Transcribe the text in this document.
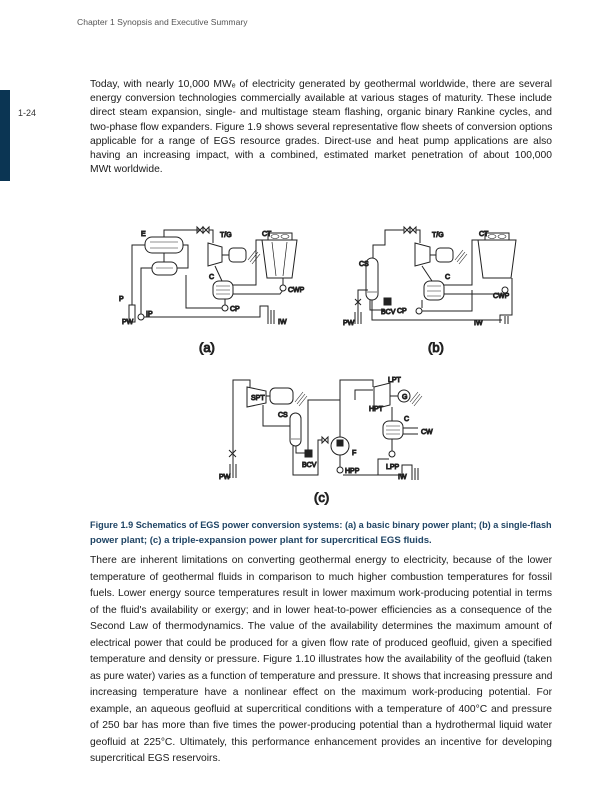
Chapter 1 Synopsis and Executive Summary
1-24
Today, with nearly 10,000 MWₑ of electricity generated by geothermal worldwide, there are several
energy conversion technologies commercially available at various stages of maturity. These include
direct steam expansion, single- and multistage steam flashing, organic binary Rankine cycles, and
two-phase flow expanders. Figure 1.9 shows several representative flow sheets of conversion options
applicable for a range of EGS resource grades. Direct-use and heat pump applications are also
having an increasing impact, with a combined, estimated market penetration of about 100,000
MWt worldwide.
E	T/G	CT
C
CWP
CP
IP
P
PW	IW
(a)
CS
T/G	CT
C
CWP
CP
BCV
PW	IW
(b)
SPT
CS
BCV
F
HPP
LPT
HPT
G
C
CW
LPP
PW	IW
(c)
Figure 1.9 Schematics of EGS power conversion systems: (a) a basic binary power plant; (b) a single-flash
power plant; (c) a triple-expansion power plant for supercritical EGS fluids.
There are inherent limitations on converting geothermal energy to electricity, because of the lower
temperature of geothermal fluids in comparison to much higher combustion temperatures for fossil
fuels. Lower energy source temperatures result in lower maximum work-producing potential in terms
of the fluid's availability or exergy; and in lower heat-to-power efficiencies as a consequence of the
Second Law of thermodynamics. The value of the availability determines the maximum amount of
electrical power that could be produced for a given flow rate of produced geofluid, given a specified
temperature and density or pressure. Figure 1.10 illustrates how the availability of the geofluid (taken
as pure water) varies as a function of temperature and pressure. It shows that increasing pressure and
increasing temperature have a nonlinear effect on the maximum work-producing potential. For
example, an aqueous geofluid at supercritical conditions with a temperature of 400°C and pressure
of 250 bar has more than five times the power-producing potential than a hydrothermal liquid water
geofluid at 225°C. Ultimately, this performance enhancement provides an incentive for developing
supercritical EGS reservoirs.
